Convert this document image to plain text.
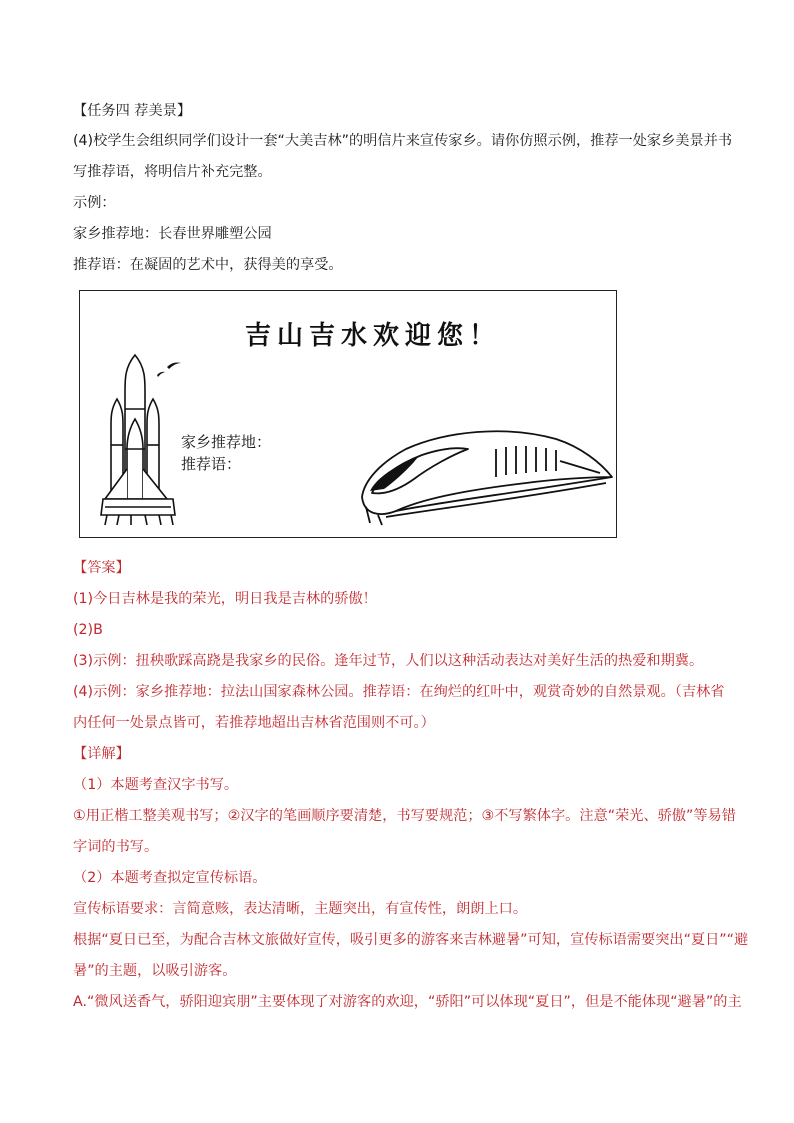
【任务四 荐美景】
(4)校学生会组织同学们设计一套“大美吉林”的明信片来宣传家乡。请你仿照示例，推荐一处家乡美景并书
写推荐语，将明信片补充完整。
示例：
家乡推荐地：长春世界雕塑公园
推荐语：在凝固的艺术中，获得美的享受。
吉山吉水欢迎您！
家乡推荐地：
推荐语：
【答案】
(1)今日吉林是我的荣光，明日我是吉林的骄傲！
(2)B
(3)示例：扭秧歌踩高跷是我家乡的民俗。逢年过节，人们以这种活动表达对美好生活的热爱和期冀。
(4)示例：家乡推荐地：拉法山国家森林公园。推荐语：在绚烂的红叶中，观赏奇妙的自然景观。（吉林省
内任何一处景点皆可，若推荐地超出吉林省范围则不可。）
【详解】
（1）本题考查汉字书写。
①用正楷工整美观书写；②汉字的笔画顺序要清楚，书写要规范；③不写繁体字。注意“荣光、骄傲”等易错
字词的书写。
（2）本题考查拟定宣传标语。
宣传标语要求：言简意赅，表达清晰，主题突出，有宣传性，朗朗上口。
根据“夏日已至，为配合吉林文旅做好宣传，吸引更多的游客来吉林避暑”可知，宣传标语需要突出“夏日”“避
暑”的主题，以吸引游客。
A.“微风送香气，骄阳迎宾朋”主要体现了对游客的欢迎，“骄阳”可以体现“夏日”，但是不能体现“避暑”的主
